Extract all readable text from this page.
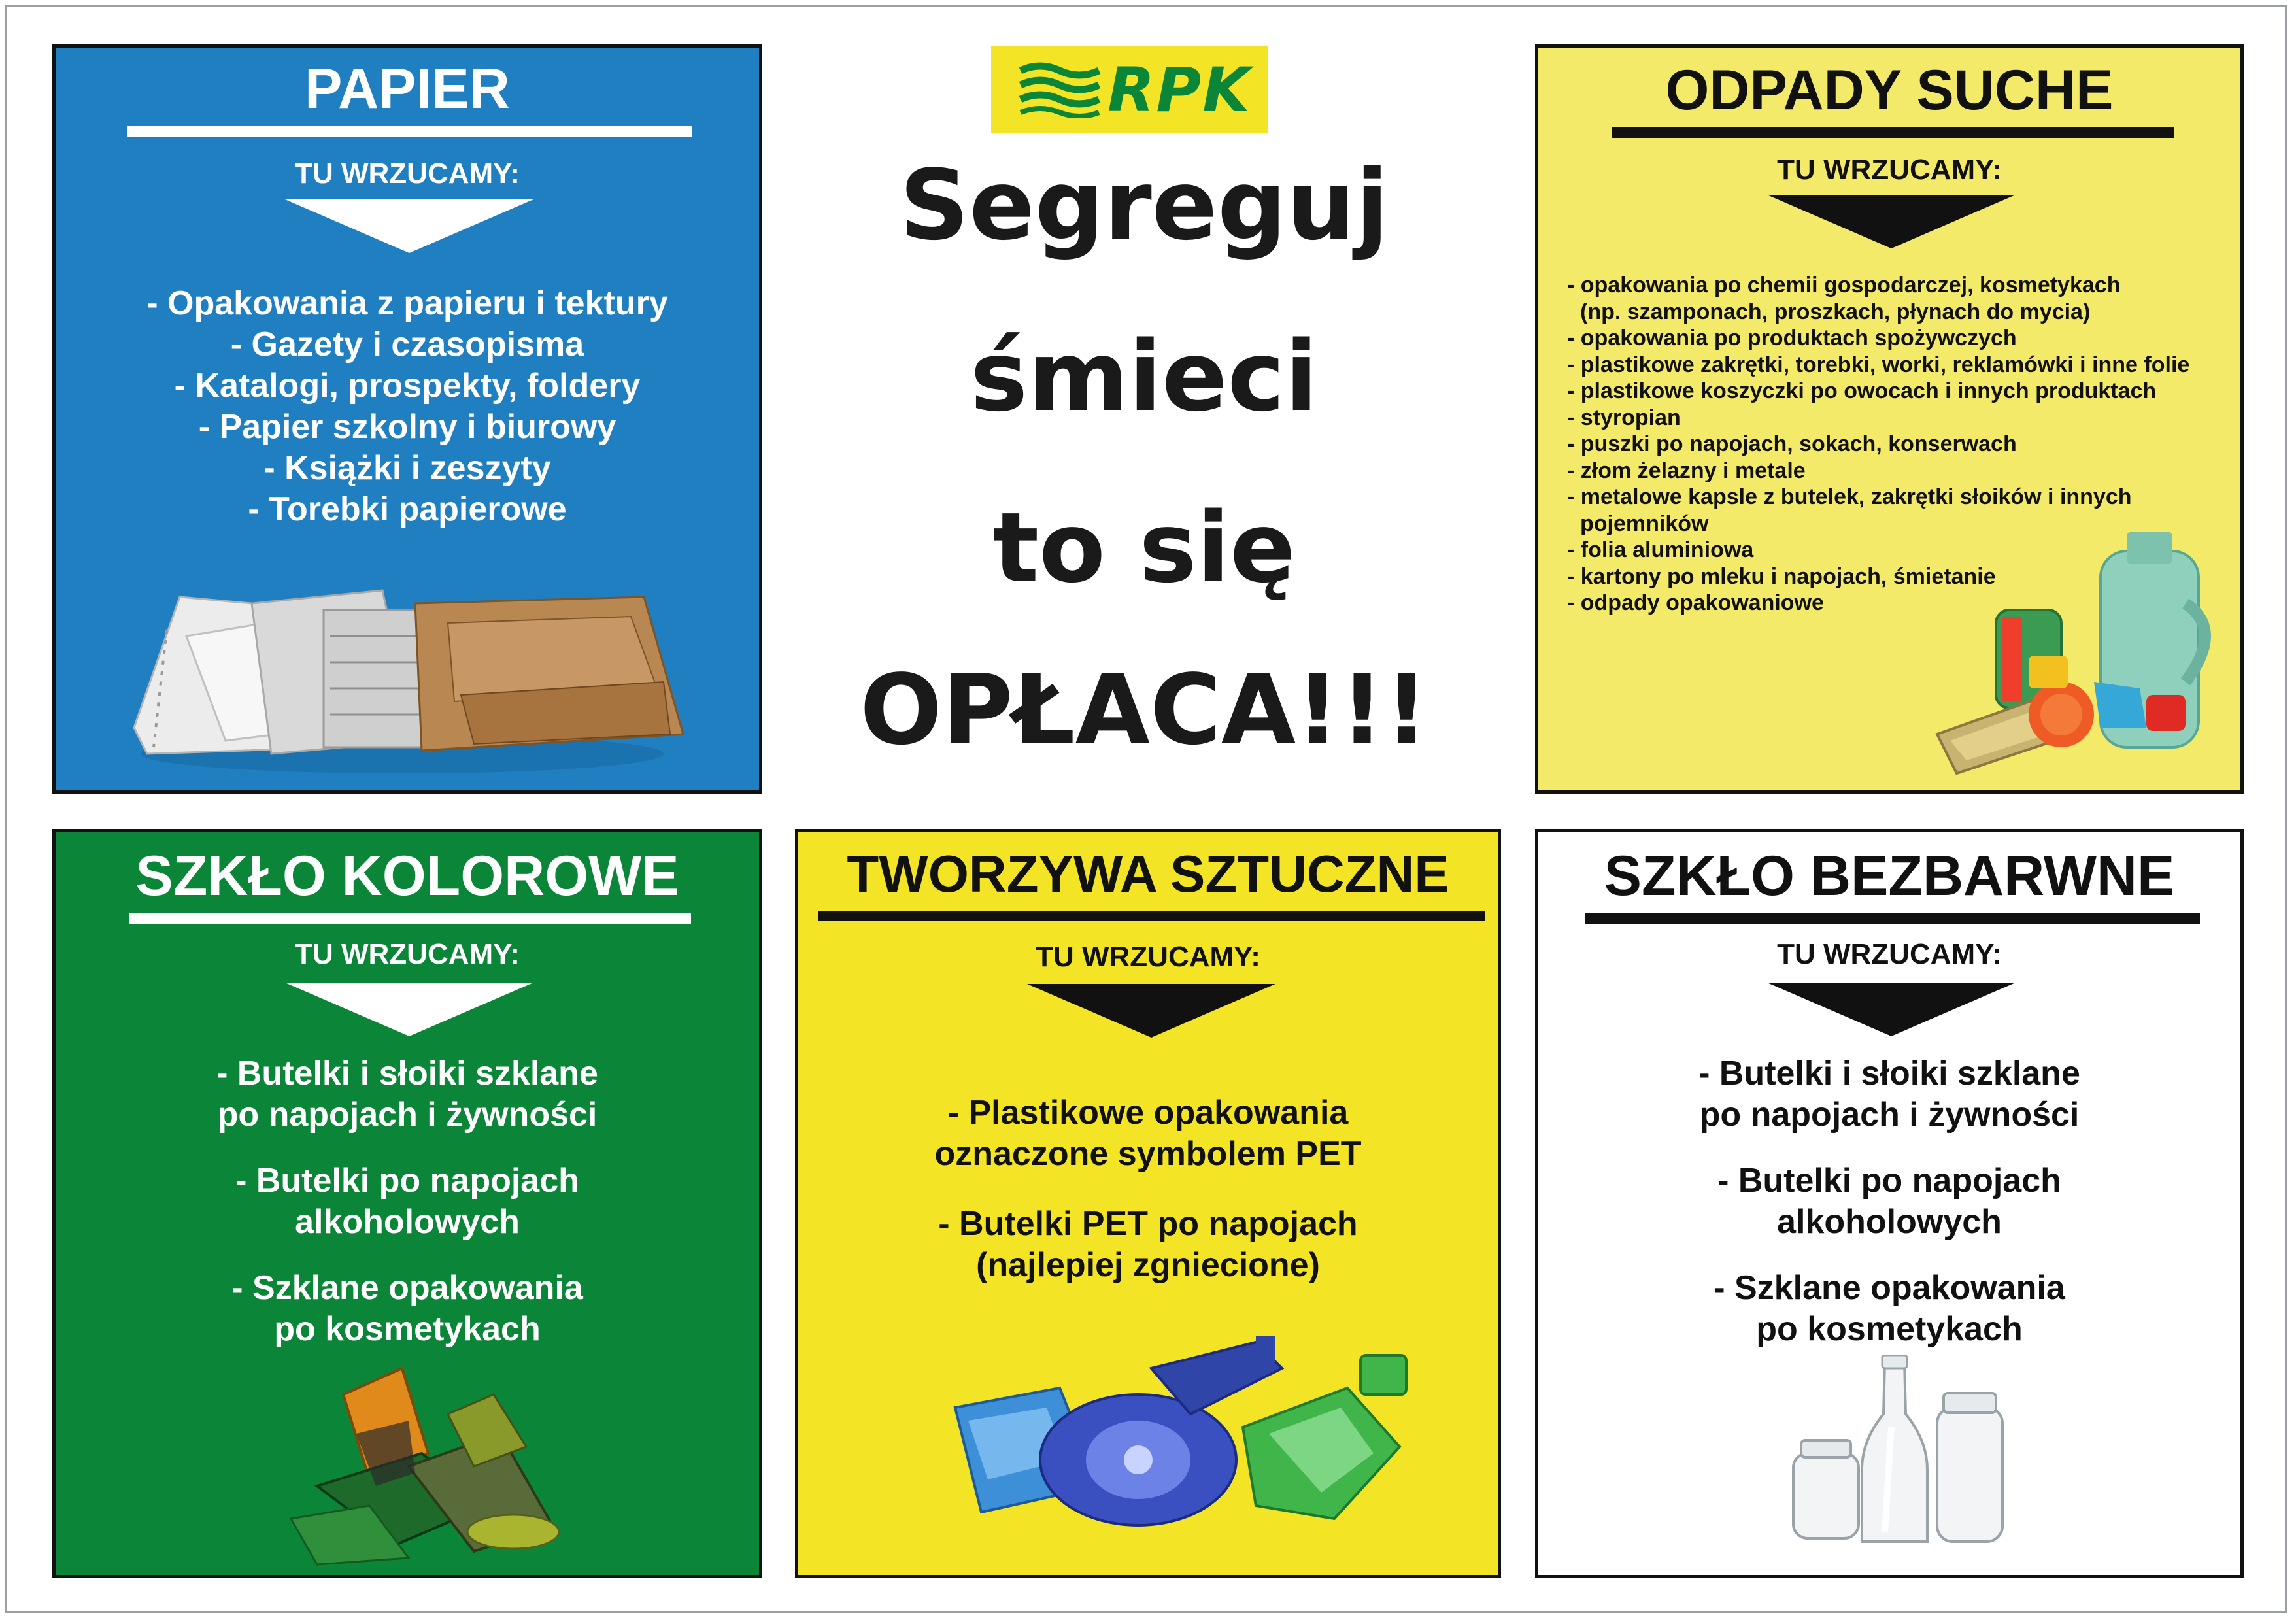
PAPIER
TU WRZUCAMY:
- Opakowania z papieru i tektury
- Gazety i czasopisma
- Katalogi, prospekty, foldery
- Papier szkolny i biurowy
- Książki i zeszyty
- Torebki papierowe
RPK
Segreguj
śmieci
to się
OPŁACA!!!
ODPADY SUCHE
TU WRZUCAMY:
- opakowania po chemii gospodarczej, kosmetykach
(np. szamponach, proszkach, płynach do mycia)
- opakowania po produktach spożywczych
- plastikowe zakrętki, torebki, worki, reklamówki i inne folie
- plastikowe koszyczki po owocach i innych produktach
- styropian
- puszki po napojach, sokach, konserwach
- złom żelazny i metale
- metalowe kapsle z butelek, zakrętki słoików i innych
pojemników
- folia aluminiowa
- kartony po mleku i napojach, śmietanie
- odpady opakowaniowe
SZKŁO KOLOROWE
TU WRZUCAMY:
- Butelki i słoiki szklane
po napojach i żywności
- Butelki po napojach
alkoholowych
- Szklane opakowania
po kosmetykach
TWORZYWA SZTUCZNE
TU WRZUCAMY:
- Plastikowe opakowania
oznaczone symbolem PET
- Butelki PET po napojach
(najlepiej zgniecione)
SZKŁO BEZBARWNE
TU WRZUCAMY:
- Butelki i słoiki szklane
po napojach i żywności
- Butelki po napojach
alkoholowych
- Szklane opakowania
po kosmetykach
